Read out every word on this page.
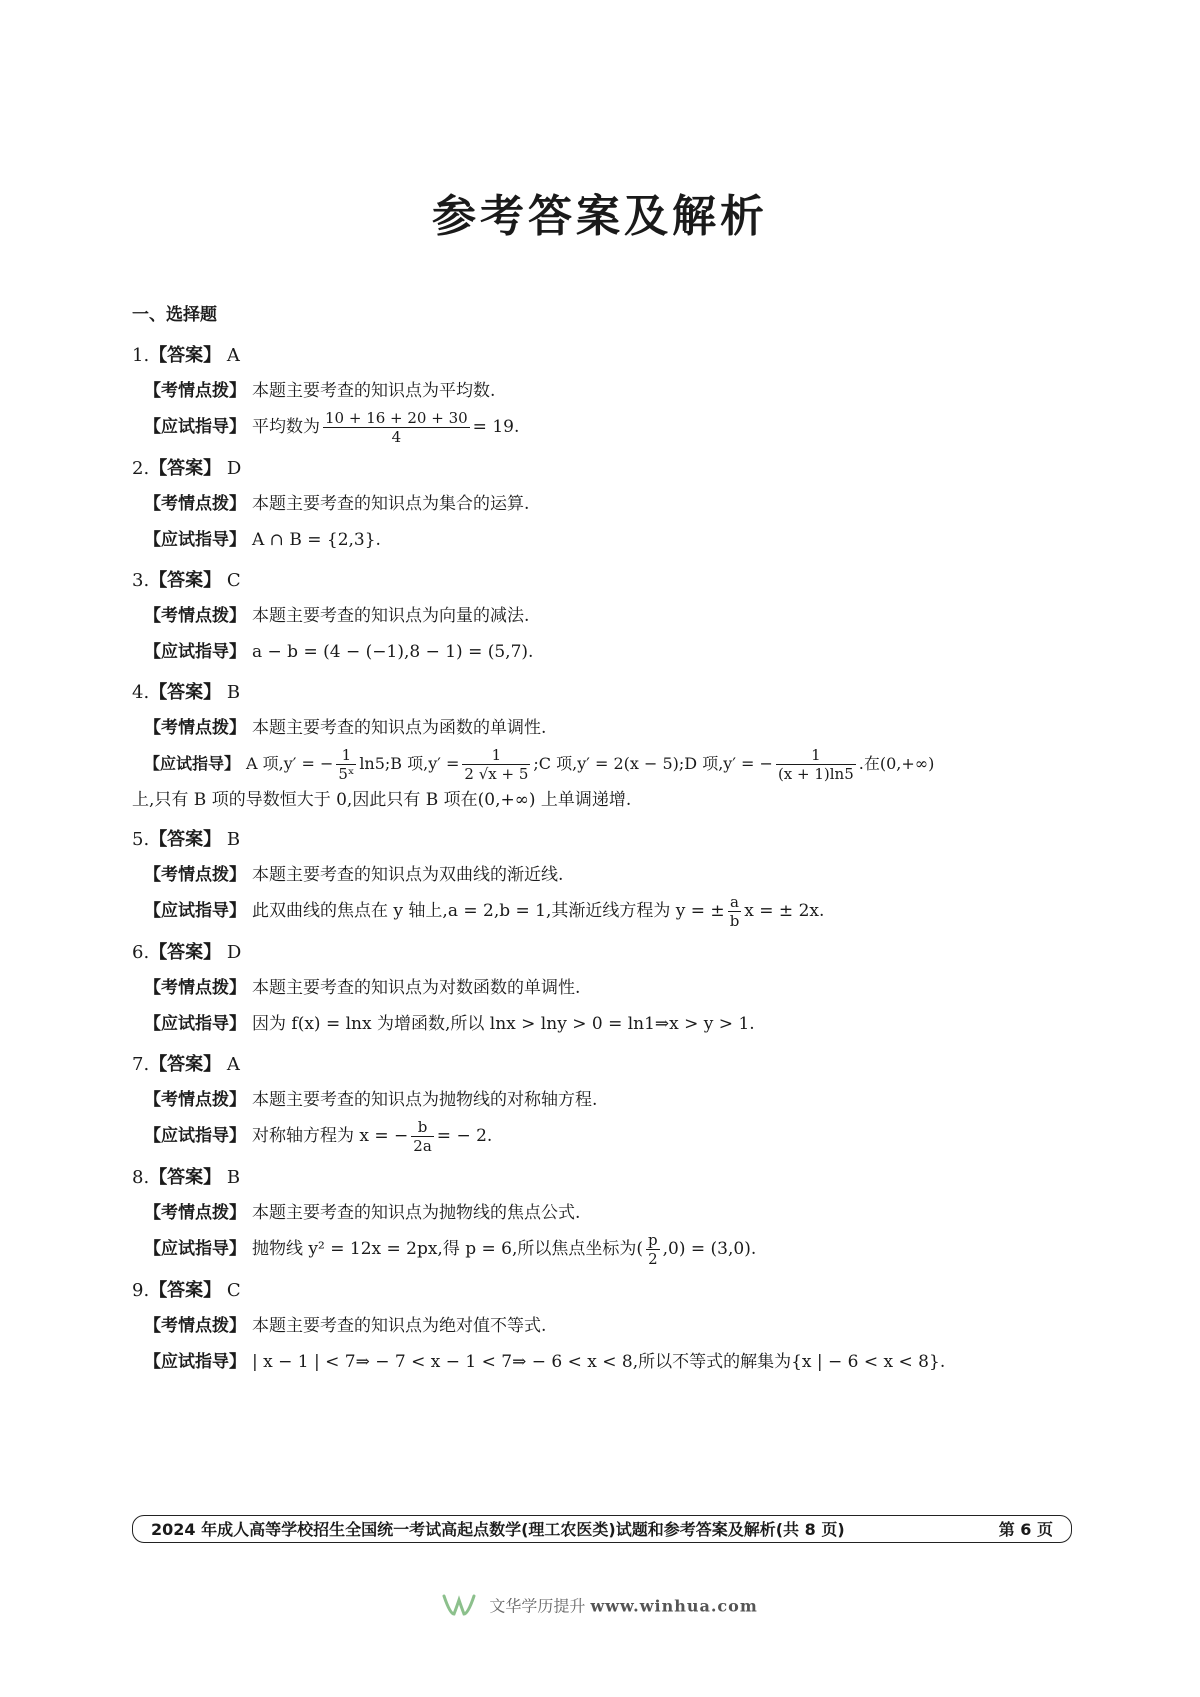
参考答案及解析
一、选择题
1.【答案】 A
【考情点拨】 本题主要考查的知识点为平均数.
【应试指导】 平均数为 $\frac{10 + 16 + 20 + 30}{4} = 19$.
2.【答案】 D
【考情点拨】 本题主要考查的知识点为集合的运算.
【应试指导】 A ∩ B = {2,3}.
3.【答案】 C
【考情点拨】 本题主要考查的知识点为向量的减法.
【应试指导】 a − b = (4 − (−1),8 − 1) = (5,7).
4.【答案】 B
【考情点拨】 本题主要考查的知识点为函数的单调性.
【应试指导】 A 项,y′ = − $\frac{1}{\text{5ˣ}}$ ln5;B 项$,y' = \frac{1}{2 √x + 5}$ ;C 项,y′ = 2(x − 5);D 项,y′ = − $\frac{1}{(x + 1)\ln 5}$ .在(0,+∞)
上,只有 B 项的导数恒大于 0,因此只有 B 项在(0,+∞) 上单调递增.
5.【答案】 B
【考情点拨】 本题主要考查的知识点为双曲线的渐近线.
【应试指导】 此双曲线的焦点在 y 轴上,a = 2,b = 1,其渐近线方程为 y = ± $\frac{a}{b}$ x = ± 2x.
6.【答案】 D
【考情点拨】 本题主要考查的知识点为对数函数的单调性.
【应试指导】 因为 f(x) = lnx 为增函数,所以 lnx > lny > 0 = ln1⇒x > y > 1.
7.【答案】 A
【考情点拨】 本题主要考查的知识点为抛物线的对称轴方程.
【应试指导】 对称轴方程为 x = − $\frac{b}{2a}$ = − 2.
8.【答案】 B
【考情点拨】 本题主要考查的知识点为抛物线的焦点公式.
【应试指导】 抛物线 y² = 12x = 2px,得 p = 6,所以焦点坐标为( $\frac{p}{2} ,0) = (3,0)$.
9.【答案】 C
【考情点拨】 本题主要考查的知识点为绝对值不等式.
【应试指导】 | x − 1 | < 7⇒ − 7 < x − 1 < 7⇒ − 6 < x < 8,所以不等式的解集为{x | − 6 < x < 8}.
2024 年成人高等学校招生全国统一考试高起点数学(理工农医类)试题和参考答案及解析(共 8 页)	第 6 页
文华学历提升 www.winhua.com
